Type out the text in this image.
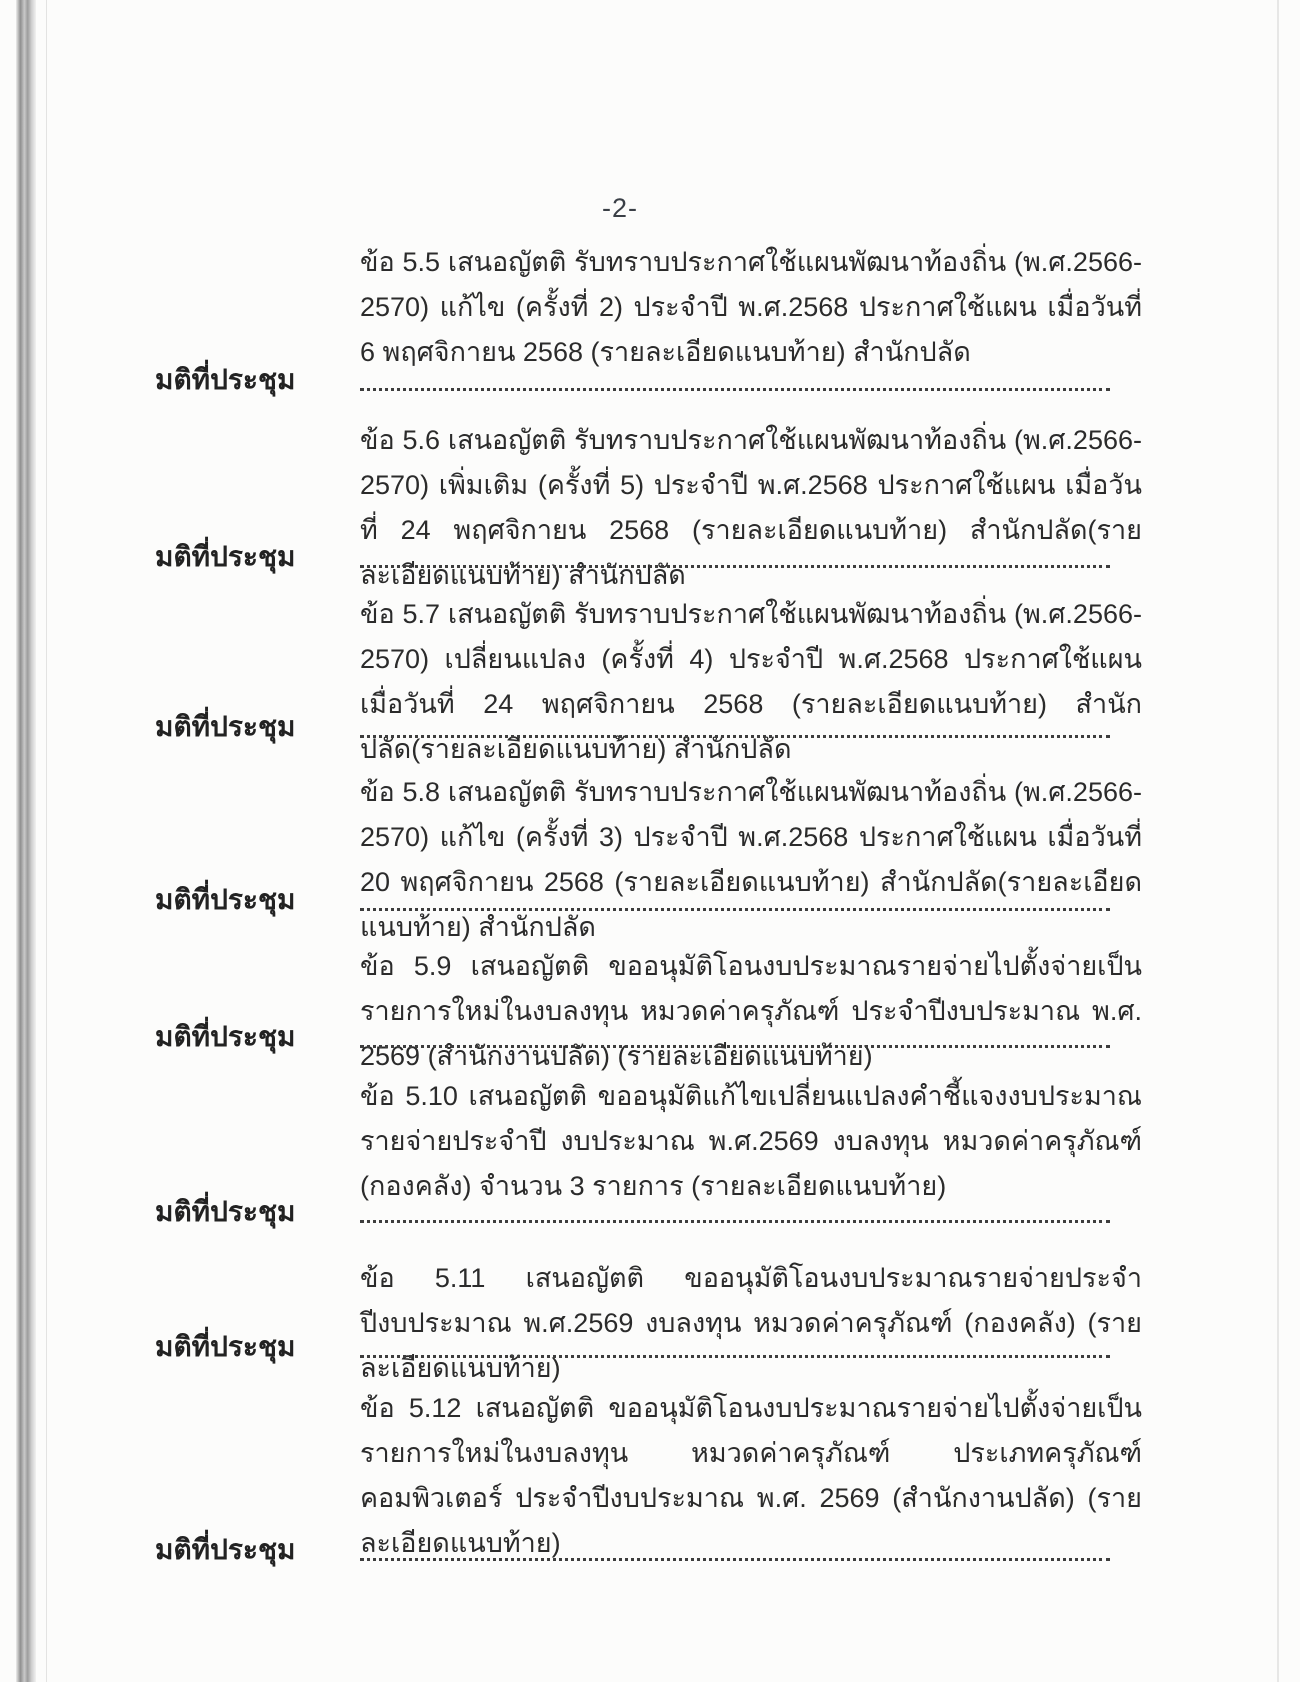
-2-

ข้อ 5.5 เสนอญัตติ รับทราบประกาศใช้แผนพัฒนาท้องถิ่น (พ.ศ.2566-2570) แก้ไข (ครั้งที่ 2) ประจำปี พ.ศ.2568 ประกาศใช้แผน เมื่อวันที่ 6 พฤศจิกายน 2568 (รายละเอียดแนบท้าย) สำนักปลัด

มติที่ประชุม

ข้อ 5.6 เสนอญัตติ รับทราบประกาศใช้แผนพัฒนาท้องถิ่น (พ.ศ.2566-2570) เพิ่มเติม (ครั้งที่ 5) ประจำปี พ.ศ.2568 ประกาศใช้แผน เมื่อวันที่ 24 พฤศจิกายน 2568 (รายละเอียดแนบท้าย) สำนักปลัด(รายละเอียดแนบท้าย) สำนักปลัด

มติที่ประชุม

ข้อ 5.7 เสนอญัตติ รับทราบประกาศใช้แผนพัฒนาท้องถิ่น (พ.ศ.2566-2570) เปลี่ยนแปลง (ครั้งที่ 4) ประจำปี พ.ศ.2568 ประกาศใช้แผน เมื่อวันที่ 24 พฤศจิกายน 2568 (รายละเอียดแนบท้าย) สำนักปลัด(รายละเอียดแนบท้าย) สำนักปลัด

มติที่ประชุม

ข้อ 5.8 เสนอญัตติ รับทราบประกาศใช้แผนพัฒนาท้องถิ่น (พ.ศ.2566-2570) แก้ไข (ครั้งที่ 3) ประจำปี พ.ศ.2568 ประกาศใช้แผน เมื่อวันที่ 20 พฤศจิกายน 2568 (รายละเอียดแนบท้าย) สำนักปลัด(รายละเอียดแนบท้าย) สำนักปลัด

มติที่ประชุม

ข้อ 5.9 เสนอญัตติ ขออนุมัติโอนงบประมาณรายจ่ายไปตั้งจ่ายเป็นรายการใหม่ในงบลงทุน หมวดค่าครุภัณฑ์ ประจำปีงบประมาณ พ.ศ. 2569 (สำนักงานปลัด) (รายละเอียดแนบท้าย)

มติที่ประชุม

ข้อ 5.10 เสนอญัตติ ขออนุมัติแก้ไขเปลี่ยนแปลงคำชี้แจงงบประมาณรายจ่ายประจำปี งบประมาณ พ.ศ.2569 งบลงทุน หมวดค่าครุภัณฑ์ (กองคลัง) จำนวน 3 รายการ (รายละเอียดแนบท้าย)

มติที่ประชุม

ข้อ 5.11 เสนอญัตติ ขออนุมัติโอนงบประมาณรายจ่ายประจำปีงบประมาณ พ.ศ.2569 งบลงทุน หมวดค่าครุภัณฑ์ (กองคลัง) (รายละเอียดแนบท้าย)

มติที่ประชุม

ข้อ 5.12 เสนอญัตติ ขออนุมัติโอนงบประมาณรายจ่ายไปตั้งจ่ายเป็นรายการใหม่ในงบลงทุน หมวดค่าครุภัณฑ์ ประเภทครุภัณฑ์คอมพิวเตอร์ ประจำปีงบประมาณ พ.ศ. 2569 (สำนักงานปลัด) (รายละเอียดแนบท้าย)

มติที่ประชุม
